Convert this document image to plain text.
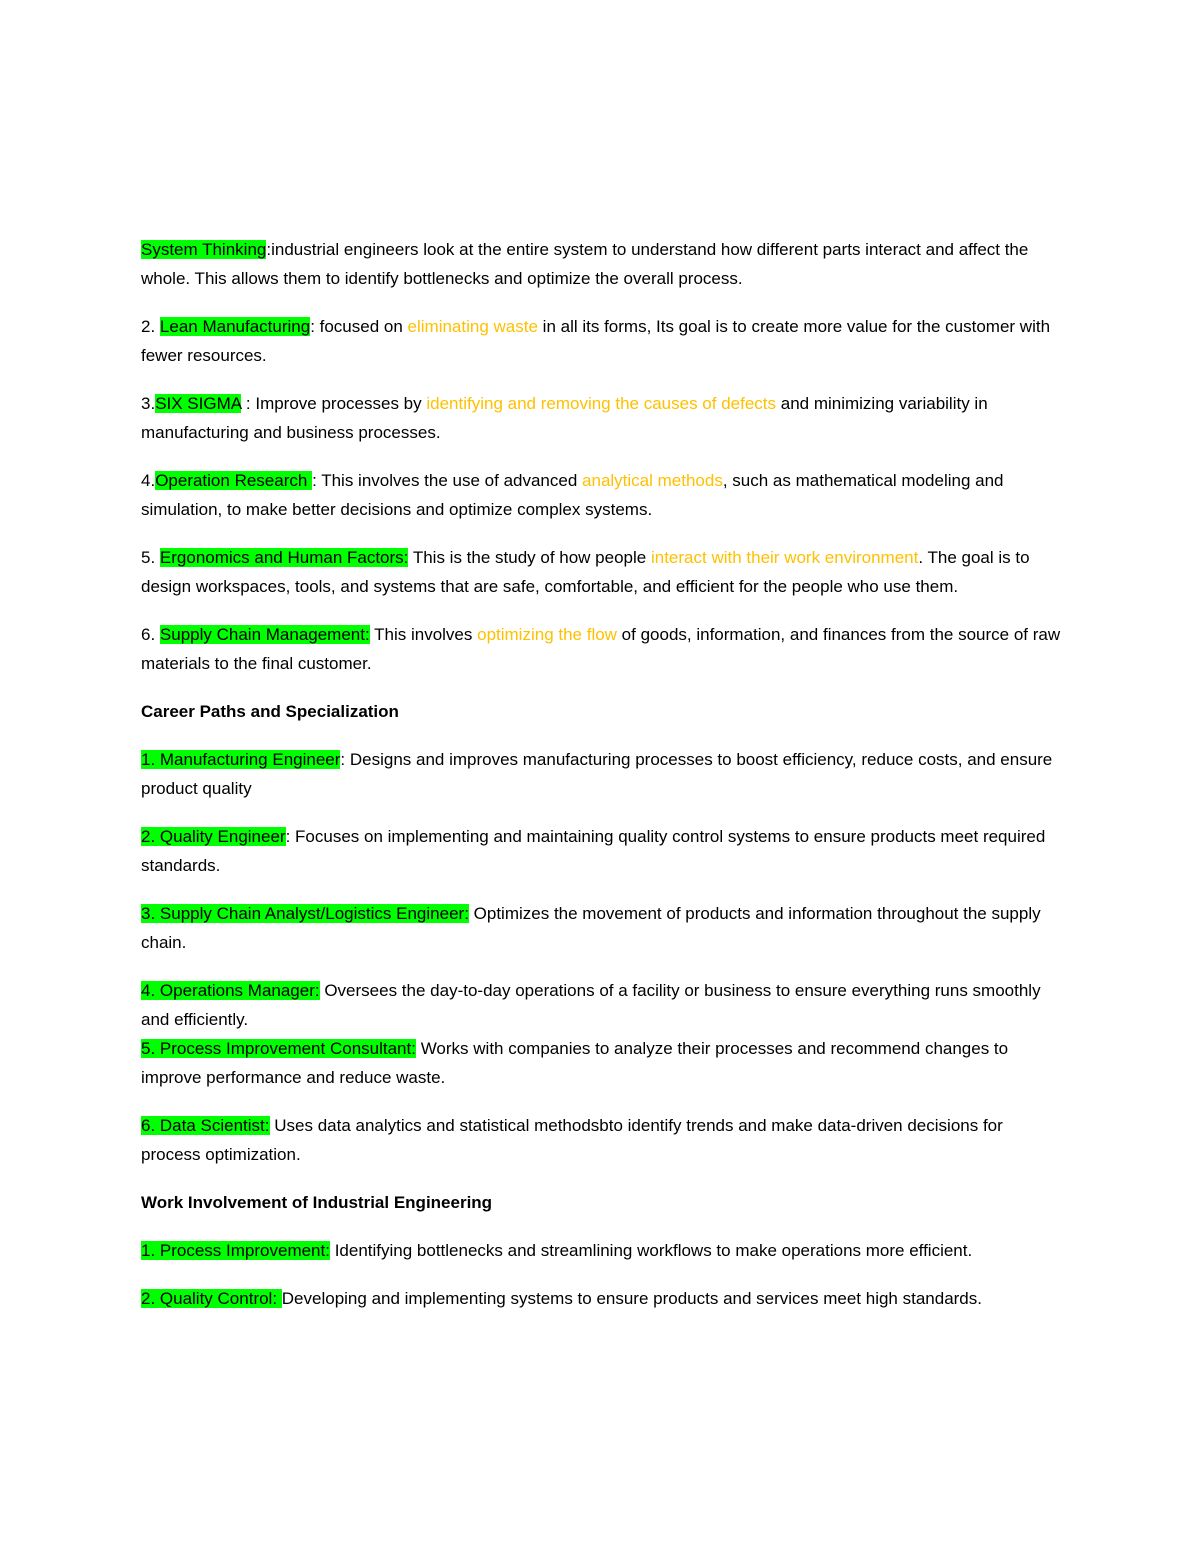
System Thinking:industrial engineers look at the entire system to understand how different parts interact and affect the whole. This allows them to identify bottlenecks and optimize the overall process.

2. Lean Manufacturing: focused on eliminating waste in all its forms, Its goal is to create more value for the customer with fewer resources.

3.SIX SIGMA : Improve processes by identifying and removing the causes of defects and minimizing variability in manufacturing and business processes.

4.Operation Research : This involves the use of advanced analytical methods, such as mathematical modeling and simulation, to make better decisions and optimize complex systems.

5. Ergonomics and Human Factors: This is the study of how people interact with their work environment. The goal is to design workspaces, tools, and systems that are safe, comfortable, and efficient for the people who use them.

6. Supply Chain Management: This involves optimizing the flow of goods, information, and finances from the source of raw materials to the final customer.

Career Paths and Specialization

1. Manufacturing Engineer: Designs and improves manufacturing processes to boost efficiency, reduce costs, and ensure product quality

2. Quality Engineer: Focuses on implementing and maintaining quality control systems to ensure products meet required standards.

3. Supply Chain Analyst/Logistics Engineer: Optimizes the movement of products and information throughout the supply chain.

4. Operations Manager: Oversees the day-to-day operations of a facility or business to ensure everything runs smoothly and efficiently.

5. Process Improvement Consultant: Works with companies to analyze their processes and recommend changes to improve performance and reduce waste.

6. Data Scientist: Uses data analytics and statistical methodsbto identify trends and make data-driven decisions for process optimization.

Work Involvement of Industrial Engineering

1. Process Improvement: Identifying bottlenecks and streamlining workflows to make operations more efficient.

2. Quality Control: Developing and implementing systems to ensure products and services meet high standards.
